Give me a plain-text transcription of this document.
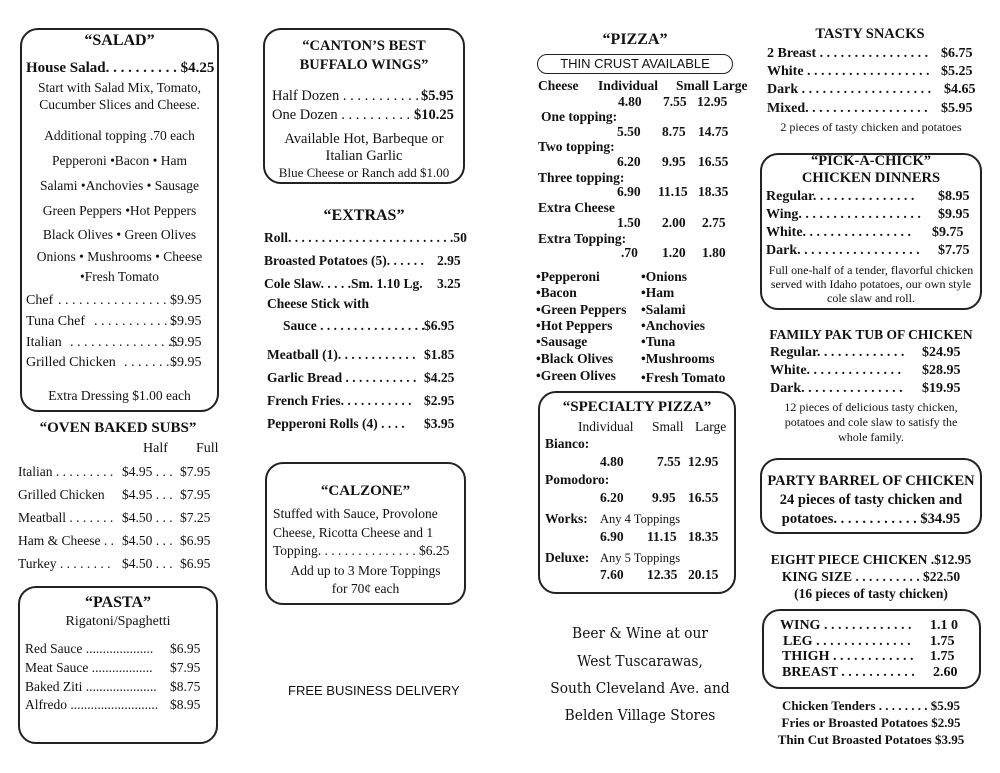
“SALAD”
House Salad. . . . . . . . . . $4.25
Start with Salad Mix, Tomato,
Cucumber Slices and Cheese.
Additional topping .70 each
Pepperoni •Bacon • Ham
Salami •Anchovies • Sausage
Green Peppers •Hot Peppers
Black Olives • Green Olives
Onions • Mushrooms • Cheese
•Fresh Tomato
Chef . . . . . . . . . . . . . . . . $9.95
Tuna Chef . . . . . . . . . . . .
$9.95
Italian . . . . . . . . . . . . . . . .
$9.95
Grilled Chicken . . . . . . . .
$9.95
Extra Dressing $1.00 each
“OVEN BAKED SUBS”
Half Full
Italian . . . . . . . . . $4.95 . . . $7.95
Grilled Chicken $4.95 . . . $7.95
Meatball . . . . . . . $4.50 . . . $7.25
Ham & Cheese . . $4.50 . . . $6.95
Turkey . . . . . . . . $4.50 . . . $6.95
“PASTA”
Rigatoni/Spaghetti
Red Sauce .................... $6.95
Meat Sauce .................. $7.95
Baked Ziti ..................... $8.75
Alfredo .......................... $8.95
“CANTON’S BEST
BUFFALO WINGS”
Half Dozen . . . . . . . . . . . $5.95
One Dozen . . . . . . . . . . $10.25
Available Hot, Barbeque or
Italian Garlic
Blue Cheese or Ranch add $1.00
“EXTRAS”
Roll. . . . . . . . . . . . . . . . . . . . . . . . .50
Broasted Potatoes (5). . . . . . 2.95
Cole Slaw. . . . .Sm. 1.10 Lg. 3.25
Cheese Stick with
Sauce . . . . . . . . . . . . . . . . $6.95
Meatball (1). . . . . . . . . . . . $1.85
Garlic Bread . . . . . . . . . . . $4.25
French Fries. . . . . . . . . . . $2.95
Pepperoni Rolls (4) . . . . $3.95
“CALZONE”
Stuffed with Sauce, Provolone
Cheese, Ricotta Cheese and 1
Topping. . . . . . . . . . . . . . . $6.25
Add up to 3 More Toppings
for 70¢ each
FREE BUSINESS DELIVERY
“PIZZA”
THIN CRUST AVAILABLE
Cheese Individual Small Large
4.80 7.55 12.95
One topping:
5.50 8.75 14.75
Two topping:
6.20 9.95 16.55
Three topping:
6.90 11.15 18.35
Extra Cheese
1.50 2.00 2.75
Extra Topping:
.70 1.20 1.80
•Pepperoni
•Bacon
•Green Peppers
•Hot Peppers
•Sausage
•Black Olives
•Green Olives
•Onions
•Ham
•Salami
•Anchovies
•Tuna
•Mushrooms
•Fresh Tomato
“SPECIALTY PIZZA”
Individual Small Large
Bianco:
4.80 7.55 12.95
Pomodoro:
6.20 9.95 16.55
Works: Any 4 Toppings
6.90 11.15 18.35
Deluxe: Any 5 Toppings
7.60 12.35 20.15
Beer & Wine at our
West Tuscarawas,
South Cleveland Ave. and
Belden Village Stores
TASTY SNACKS
2 Breast . . . . . . . . . . . . . . . . $6.75
White . . . . . . . . . . . . . . . . . . $5.25
Dark . . . . . . . . . . . . . . . . . . . $4.65
Mixed. . . . . . . . . . . . . . . . . . $5.95
2 pieces of tasty chicken and potatoes
“PICK-A-CHICK”
CHICKEN DINNERS
Regular. . . . . . . . . . . . . . . $8.95
Wing. . . . . . . . . . . . . . . . . . $9.95
White. . . . . . . . . . . . . . . . $9.75
Dark. . . . . . . . . . . . . . . . . . $7.75
Full one-half of a tender, flavorful chicken
served with Idaho potatoes, our own style
cole slaw and roll.
FAMILY PAK TUB OF CHICKEN
Regular. . . . . . . . . . . . . $24.95
White. . . . . . . . . . . . . . $28.95
Dark. . . . . . . . . . . . . . . $19.95
12 pieces of delicious tasty chicken,
potatoes and cole slaw to satisfy the
whole family.
PARTY BARREL OF CHICKEN
24 pieces of tasty chicken and
potatoes. . . . . . . . . . . . $34.95
EIGHT PIECE CHICKEN .$12.95
KING SIZE . . . . . . . . . . $22.50
(16 pieces of tasty chicken)
WING . . . . . . . . . . . . . 1.1 0
LEG . . . . . . . . . . . . . . 1.75
THIGH . . . . . . . . . . . . 1.75
BREAST . . . . . . . . . . . 2.60
Chicken Tenders . . . . . . . . $5.95
Fries or Broasted Potatoes $2.95
Thin Cut Broasted Potatoes $3.95
